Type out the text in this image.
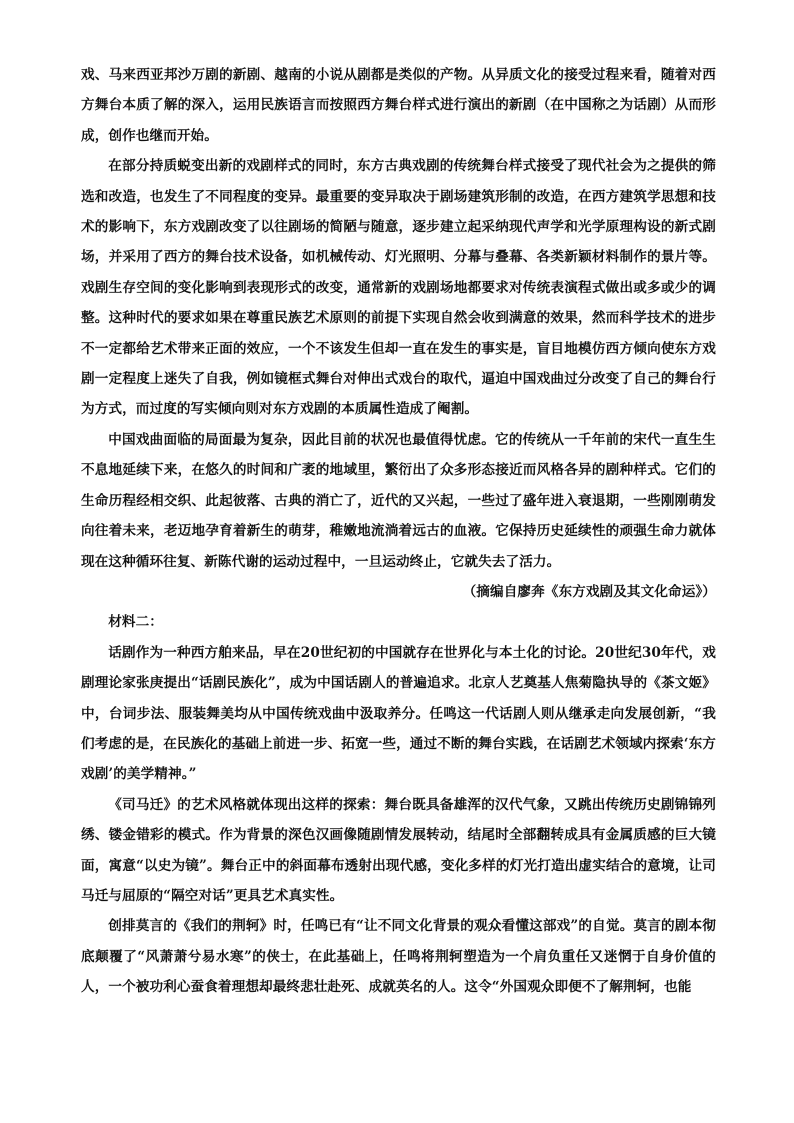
戏、马来西亚邦沙万剧的新剧、越南的小说从剧都是类似的产物。从异质文化的接受过程来看，随着对西方舞台本质了解的深入，运用民族语言而按照西方舞台样式进行演出的新剧（在中国称之为话剧）从而形成，创作也继而开始。

在部分持质蜕变出新的戏剧样式的同时，东方古典戏剧的传统舞台样式接受了现代社会为之提供的筛选和改造，也发生了不同程度的变异。最重要的变异取决于剧场建筑形制的改造，在西方建筑学思想和技术的影响下，东方戏剧改变了以往剧场的简陋与随意，逐步建立起采纳现代声学和光学原理构设的新式剧场，并采用了西方的舞台技术设备，如机械传动、灯光照明、分幕与叠幕、各类新颖材料制作的景片等。戏剧生存空间的变化影响到表现形式的改变，通常新的戏剧场地都要求对传统表演程式做出或多或少的调整。这种时代的要求如果在尊重民族艺术原则的前提下实现自然会收到满意的效果，然而科学技术的进步不一定都给艺术带来正面的效应，一个不该发生但却一直在发生的事实是，盲目地模仿西方倾向使东方戏剧一定程度上迷失了自我，例如镜框式舞台对伸出式戏台的取代，逼迫中国戏曲过分改变了自己的舞台行为方式，而过度的写实倾向则对东方戏剧的本质属性造成了阉割。

中国戏曲面临的局面最为复杂，因此目前的状况也最值得忧虑。它的传统从一千年前的宋代一直生生不息地延续下来，在悠久的时间和广袤的地域里，繁衍出了众多形态接近而风格各异的剧种样式。它们的生命历程经相交织、此起彼落、古典的消亡了，近代的又兴起，一些过了盛年进入衰退期，一些刚刚萌发向往着未来，老迈地孕育着新生的萌芽，稚嫩地流淌着远古的血液。它保持历史延续性的顽强生命力就体现在这种循环往复、新陈代谢的运动过程中，一旦运动终止，它就失去了活力。

（摘编自廖奔《东方戏剧及其文化命运》）

材料二：

话剧作为一种西方舶来品，早在20世纪初的中国就存在世界化与本土化的讨论。20世纪30年代，戏剧理论家张庚提出“话剧民族化”，成为中国话剧人的普遍追求。北京人艺奠基人焦菊隐执导的《茶文姬》中，台词步法、服装舞美均从中国传统戏曲中汲取养分。任鸣这一代话剧人则从继承走向发展创新，“我们考虑的是，在民族化的基础上前进一步、拓宽一些，通过不断的舞台实践，在话剧艺术领域内探索‘东方戏剧’的美学精神。”

《司马迁》的艺术风格就体现出这样的探索：舞台既具备雄浑的汉代气象，又跳出传统历史剧锦锦列绣、镂金错彩的模式。作为背景的深色汉画像随剧情发展转动，结尾时全部翻转成具有金属质感的巨大镜面，寓意“以史为镜”。舞台正中的斜面幕布透射出现代感，变化多样的灯光打造出虚实结合的意境，让司马迁与屈原的“隔空对话”更具艺术真实性。

创排莫言的《我们的荆轲》时，任鸣已有“让不同文化背景的观众看懂这部戏”的自觉。莫言的剧本彻底颠覆了“风萧萧兮易水寒”的侠士，在此基础上，任鸣将荆轲塑造为一个肩负重任又迷惘于自身价值的人，一个被功利心蚕食着理想却最终悲壮赴死、成就英名的人。这令“外国观众即便不了解荆轲，也能
